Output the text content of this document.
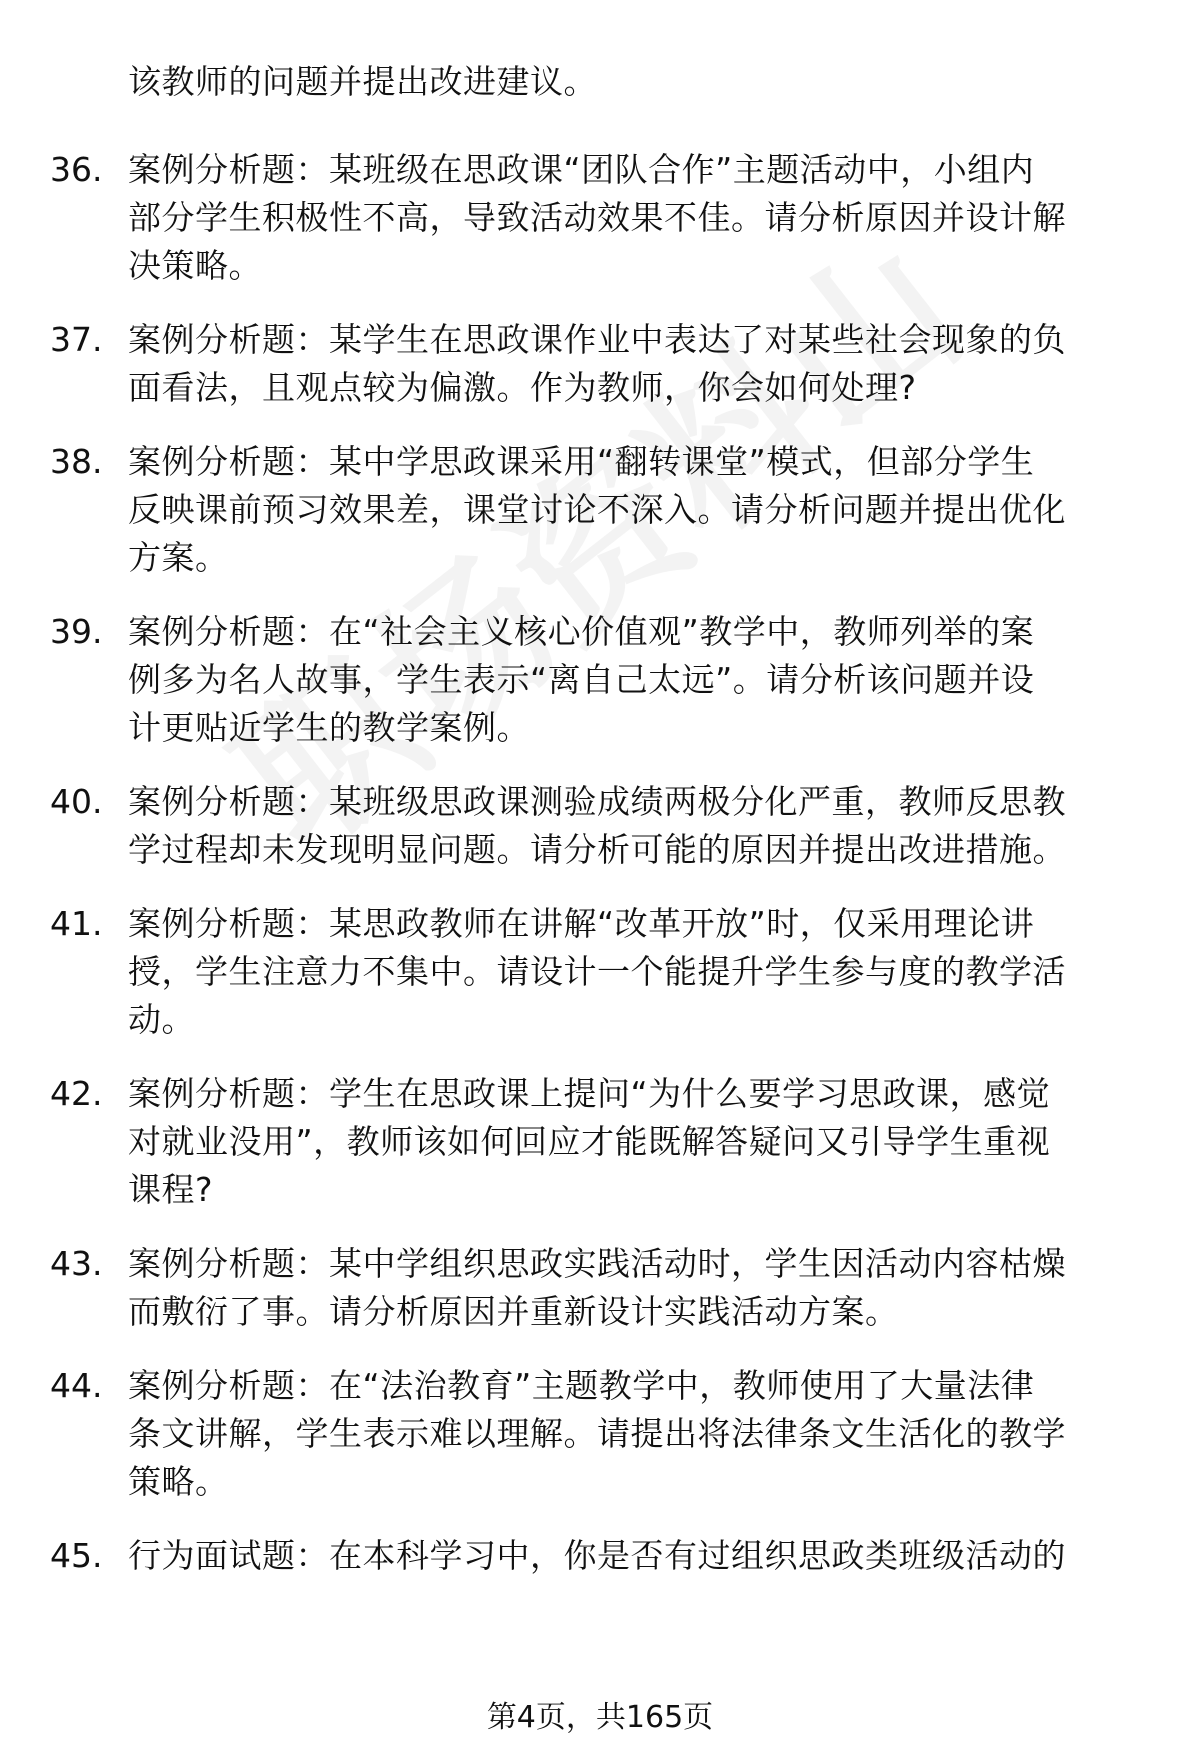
该教师的问题并提出改进建议。
36. 案例分析题：某班级在思政课“团队合作”主题活动中，小组内
部分学生积极性不高，导致活动效果不佳。请分析原因并设计解
决策略。
37. 案例分析题：某学生在思政课作业中表达了对某些社会现象的负
面看法，且观点较为偏激。作为教师，你会如何处理?
38. 案例分析题：某中学思政课采用“翻转课堂”模式，但部分学生
反映课前预习效果差，课堂讨论不深入。请分析问题并提出优化
方案。
39. 案例分析题：在“社会主义核心价值观”教学中，教师列举的案
例多为名人故事，学生表示“离自己太远”。请分析该问题并设
计更贴近学生的教学案例。
40. 案例分析题：某班级思政课测验成绩两极分化严重，教师反思教
学过程却未发现明显问题。请分析可能的原因并提出改进措施。
41. 案例分析题：某思政教师在讲解“改革开放”时，仅采用理论讲
授，学生注意力不集中。请设计一个能提升学生参与度的教学活
动。
42. 案例分析题：学生在思政课上提问“为什么要学习思政课，感觉
对就业没用”，教师该如何回应才能既解答疑问又引导学生重视
课程?
43. 案例分析题：某中学组织思政实践活动时，学生因活动内容枯燥
而敷衍了事。请分析原因并重新设计实践活动方案。
44. 案例分析题：在“法治教育”主题教学中，教师使用了大量法律
条文讲解，学生表示难以理解。请提出将法律条文生活化的教学
策略。
45. 行为面试题：在本科学习中，你是否有过组织思政类班级活动的
第4页，共165页
